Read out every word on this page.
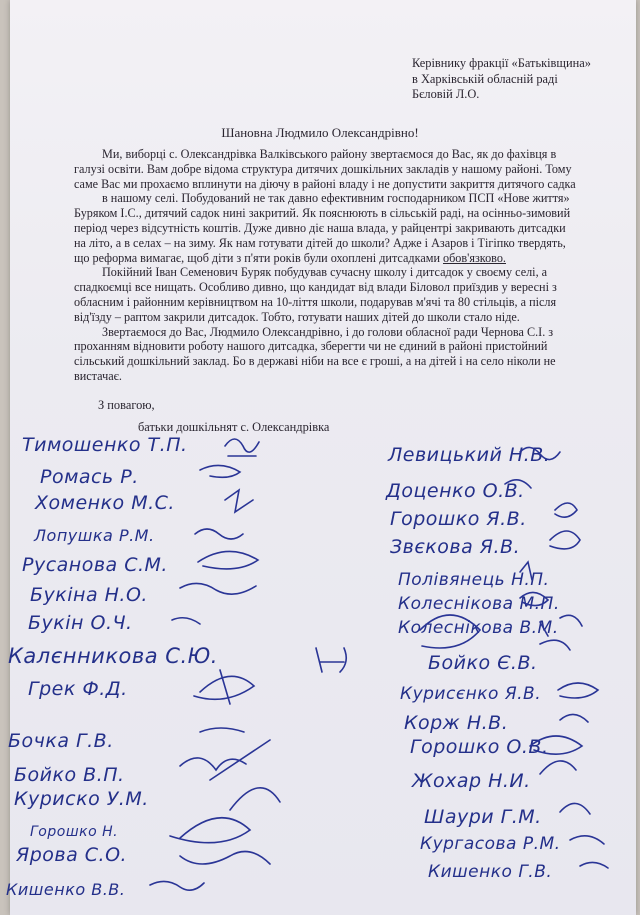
Керівнику фракції «Батьківщина»
в Харківській обласній раді
Бєловій Л.О.
Шановна Людмило Олександрівно!
Ми, виборці с. Олександрівка Валківського району звертаємося до Вас, як до фахівця в
галузі освіти. Вам добре відома структура дитячих дошкільних закладів у нашому районі. Тому
саме Вас ми прохаємо вплинути на діючу в районі владу і не допустити закриття дитячого садка
в нашому селі. Побудований не так давно ефективним господарником ПСП «Нове життя»
Буряком І.С., дитячий садок нині закритий. Як пояснюють в сільській раді, на осінньо-зимовий
період через відсутність коштів. Дуже дивно діє наша влада, у райцентрі закривають дитсадки
на літо, а в селах – на зиму. Як нам готувати дітей до школи? Адже і Азаров і Тігіпко твердять,
що реформа вимагає, щоб діти з п'яти років були охоплені дитсадками обов'язково.
Покійний Іван Семенович Буряк побудував сучасну школу і дитсадок у своєму селі, а
спадкоємці все нищать. Особливо дивно, що кандидат від влади Біловол приїздив у вересні з
обласним і районним керівництвом на 10-ліття школи, подарував м'ячі та 80 стільців, а після
від'їзду – раптом закрили дитсадок. Тобто, готувати наших дітей до школи стало ніде.
Звертаємося до Вас, Людмило Олександрівно, і до голови обласної ради Чернова С.І. з
проханням відновити роботу нашого дитсадка, зберегти чи не єдиний в районі пристойний
сільський дошкільний заклад. Бо в державі ніби на все є гроші, а на дітей і на село ніколи не
вистачає.
З повагою,
батьки дошкільнят с. Олександрівка
Тимошенко Т.П.
Ромась Р.
Хоменко М.С.
Лопушка Р.М.
Русанова С.М.
Букіна Н.О.
Букін О.Ч.
Калєнникова С.Ю.
Грек Ф.Д.
Бочка Г.В.
Бойко В.П.
Куриско У.М.
Горошко Н.
Ярова С.О.
Кишенко В.В.
Левицький Н.В.
Доценко О.В.
Горошко Я.В.
Звєкова Я.В.
Полівянець Н.П.
Колеснікова М.П.
Колеснікова В.М.
Бойко Є.В.
Курисєнко Я.В.
Корж Н.В.
Горошко О.В.
Жохар Н.И.
Шаури Г.М.
Кургасова Р.М.
Кишенко Г.В.
